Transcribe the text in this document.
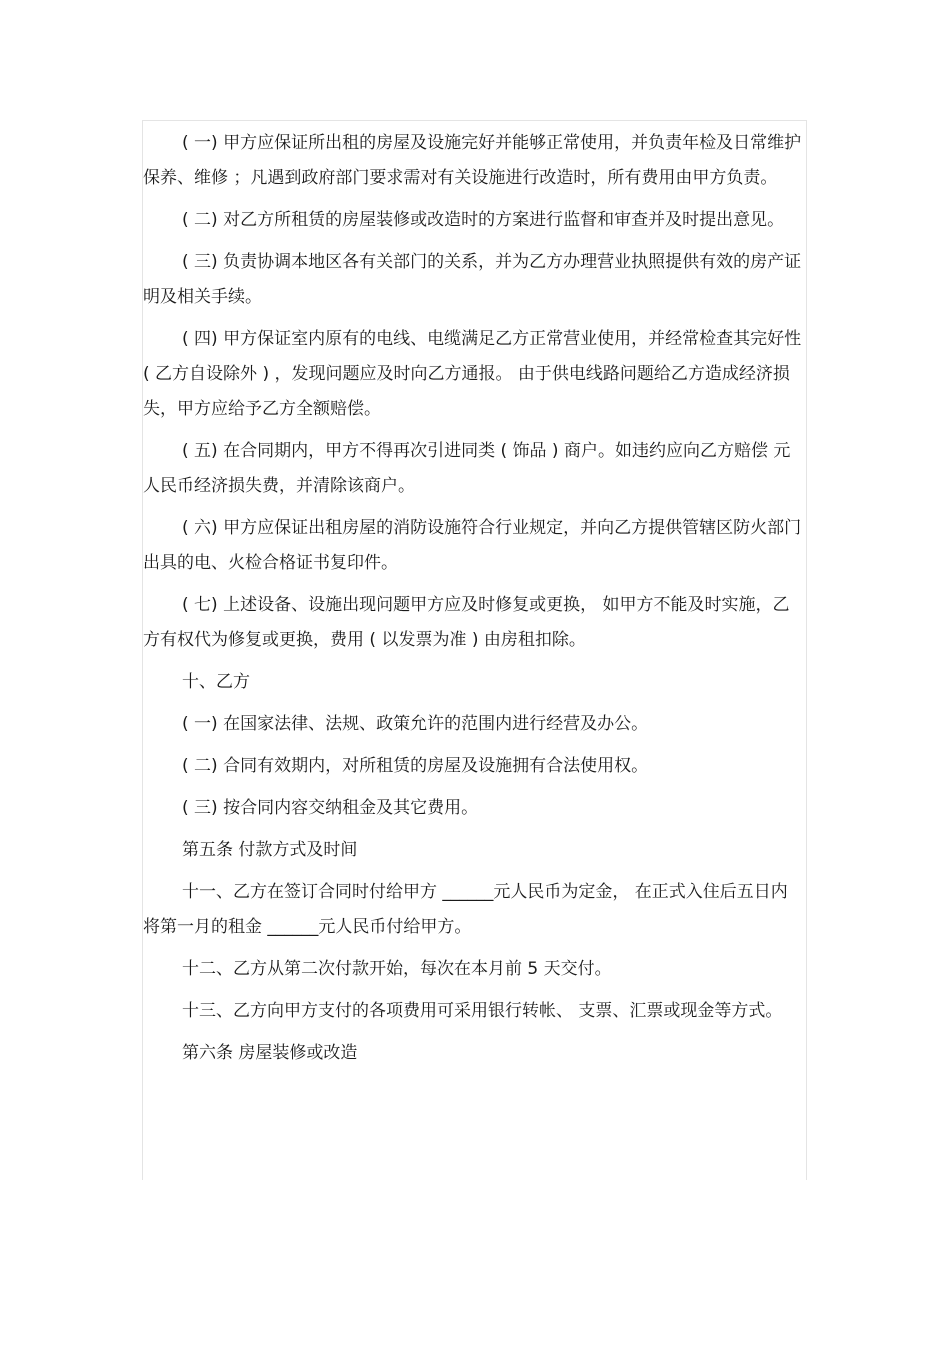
( 一) 甲方应保证所出租的房屋及设施完好并能够正常使用，并负责年检及日常维护保养、维修 ；凡遇到政府部门要求需对有关设施进行改造时，所有费用由甲方负责。

( 二) 对乙方所租赁的房屋装修或改造时的方案进行监督和审查并及时提出意见。

( 三) 负责协调本地区各有关部门的关系，并为乙方办理营业执照提供有效的房产证明及相关手续。

( 四) 甲方保证室内原有的电线、电缆满足乙方正常营业使用，并经常检查其完好性 ( 乙方自设除外 ) ，发现问题应及时向乙方通报。 由于供电线路问题给乙方造成经济损失，甲方应给予乙方全额赔偿。

( 五) 在合同期内，甲方不得再次引进同类 ( 饰品 ) 商户。如违约应向乙方赔偿 元人民币经济损失费，并清除该商户。

( 六) 甲方应保证出租房屋的消防设施符合行业规定，并向乙方提供管辖区防火部门出具的电、火检合格证书复印件。

( 七) 上述设备、设施出现问题甲方应及时修复或更换， 如甲方不能及时实施，乙方有权代为修复或更换，费用 ( 以发票为准 ) 由房租扣除。

十、乙方

( 一) 在国家法律、法规、政策允许的范围内进行经营及办公。

( 二) 合同有效期内，对所租赁的房屋及设施拥有合法使用权。

( 三) 按合同内容交纳租金及其它费用。

第五条 付款方式及时间

十一、乙方在签订合同时付给甲方 ______元人民币为定金， 在正式入住后五日内将第一月的租金 ______元人民币付给甲方。

十二、乙方从第二次付款开始，每次在本月前 5 天交付。

十三、乙方向甲方支付的各项费用可采用银行转帐、 支票、汇票或现金等方式。

第六条 房屋装修或改造
